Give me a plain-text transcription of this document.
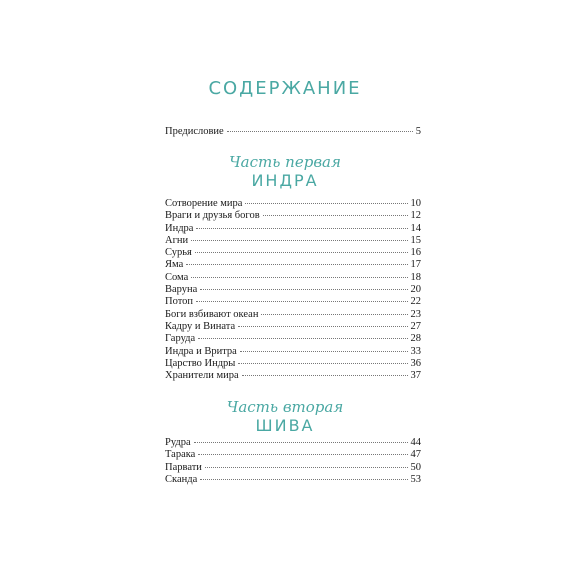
СОДЕРЖАНИЕ
Предисловие	5
Часть первая
ИНДРА
Сотворение мира	10
Враги и друзья богов	12
Индра	14
Агни	15
Сурья	16
Яма	17
Сома	18
Варуна	20
Потоп	22
Боги взбивают океан	23
Кадру и Вината	27
Гаруда	28
Индра и Вритра	33
Царство Индры	36
Хранители мира	37
Часть вторая
ШИВА
Рудра	44
Тарака	47
Парвати	50
Сканда	53
